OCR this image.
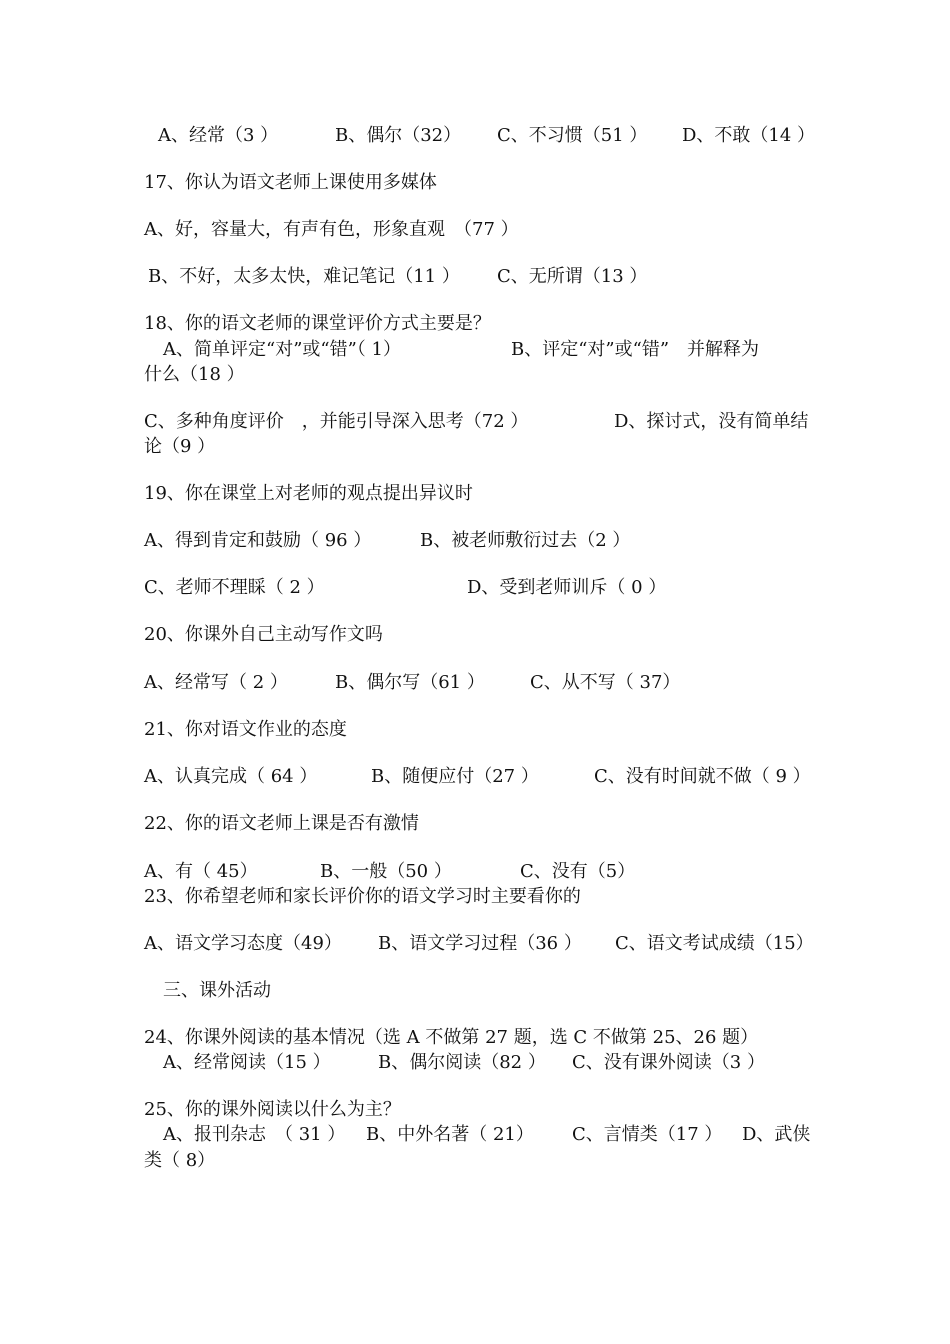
A、经常（3 ）	B、偶尔（32） C、不习惯（51 ） D、不敢（14 ）
17、你认为语文老师上课使用多媒体
A、好，容量大，有声有色，形象直观　（77 ）
B、不好，太多太快，难记笔记（11 ） C、无所谓（13 ）
18、你的语文老师的课堂评价方式主要是？
A、简单评定“对”或“错”（ 1）	B、评定“对”或“错”　并解释为
什么（18 ）
C、多种角度评价　，并能引导深入思考（72 ）	D、探讨式，没有简单结
论（9 ）
19、你在课堂上对老师的观点提出异议时
A、得到肯定和鼓励（ 96 ）	B、被老师敷衍过去（2 ）
C、老师不理睬（ 2 ）	D、受到老师训斥（ 0 ）
20、你课外自己主动写作文吗
A、经常写（ 2 ）	B、偶尔写（61 ）	C、从不写（ 37）
21、你对语文作业的态度
A、认真完成（ 64 ）	B、随便应付（27 ）	C、没有时间就不做（ 9 ）
22、你的语文老师上课是否有激情
A、有（ 45）	B、一般（50 ）	C、没有（5）
23、你希望老师和家长评价你的语文学习时主要看你的
A、语文学习态度（49） B、语文学习过程（36 ） C、语文考试成绩（15）
三、课外活动
24、你课外阅读的基本情况（选 A 不做第 27 题，选 C 不做第 25、26 题）
A、经常阅读（15 ）	B、偶尔阅读（82 ） C、没有课外阅读（3 ）
25、你的课外阅读以什么为主？
A、报刊杂志　（ 31 ） B、中外名著（ 21） C、言情类（17 ） D、武侠
类（ 8）
